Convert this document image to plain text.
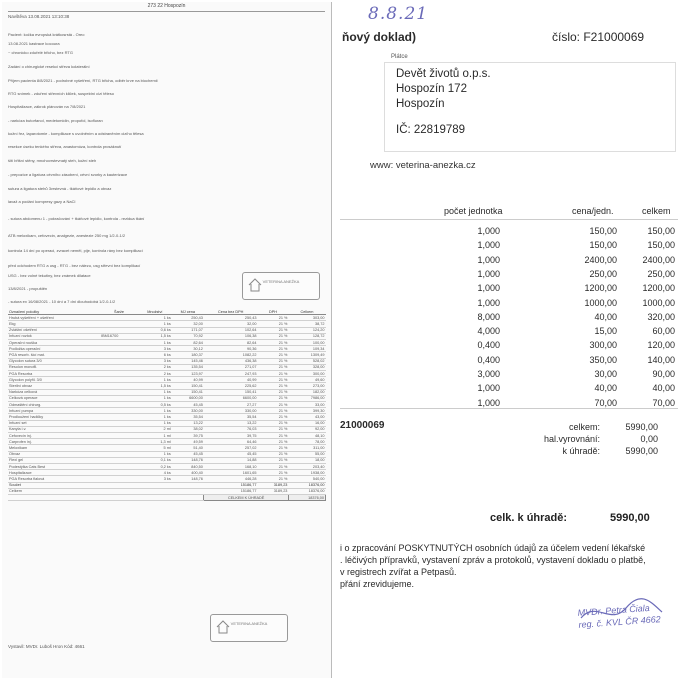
273 22 Hospozín
Navštěva 13.08.2021 13:10:38

Pacient: kočka evropská krátkosrstá - Oreo

13.08.2021 kastrace kocoura

~ chronicko zduřelé břicho, bez RTG

Zadání o chirurgické resekci střeva kolaterální

Příjem pacienta 8/8/2021 - podrobné vyšetření, RTG břicha, odběr krve na biochemii

RTG snímek - zduření střevních kliček, suspektní cizí těleso

Hospitalizace, zákrok plánován na 7/8/2021

- narkóza butorfanol, medetomidin, propofol, isofluran

kožní řez, laparotomie - komplikace s uvolněním a odstraněním cizího tělesa

resekce úseku tenkého střeva, anastomóza, kontrola prosáknutí

šití břišní stěny, mnohovrstevnatý steh, kožní steh

- prepozice a ligatura cévního zásobení, cévní svorky a kauterizace

sutura a ligatura stehů 3vrstevná - tkáňové lepidlo a obvaz

lavaž a podání kompresy gazy a NaCl

- sutura abdomenu 1 - pokračování + tkáňové lepidlo, kontrola - rezidua tkání

ATB meloxikam, cefovecin, analgezie, anestezie 250 mg 1/2-0-1/2

kontrola 14 dní po operaci, zvracet neměl, pije, kontrola rány bez komplikací

před odchodem RTG a usg - RTG - bez nálezu, usg střevní bez komplikací

USG - bez volné tekutiny, bez známek dilatace

13/8/2021 - propuštěn

- sutura ex 16/08/2021 - 10 dní a 7 dní dlouhodobá 1/2-0-1/2

VETERINA ANEŽKA
Označení položky	Šarže	Množství	MJ cena	Cena bez DPH	DPH	Celkem
Hrubá vyšetření + ošetření		1 ks	250,43	250,43	21 %	303,00
Ekg		1 ks	32,00	32,00	21 %	38,72
Zvláštní ošetření		0,6 ks	171,07	102,64	21 %	124,20
Infuzní roztok	IBM16700	1,5 ks	70,92	106,38	21 %	128,72
Operační rouška		1 ks	82,64	82,64	21 %	100,00
Podložka operační		3 ks	30,12	90,36	21 %	109,34
PGA resorb. šicí mat.		6 ks	180,37	1082,22	21 %	1309,49
Glycolon sutura 3/0		3 ks	145,46	436,38	21 %	528,02
Resolon monofil.		2 ks	135,54	271,07	21 %	328,00
PGA Resorba		2 ks	123,97	247,93	21 %	300,00
Glycolon polyfil. 3/0		1 ks	40,99	40,99	21 %	49,60
Sterilní obvaz		1,5 ks	150,41	225,62	21 %	273,00
Narkóza celková		1 ks	150,41	150,41	21 %	182,00
Celková operace		1 ks	6600,00	6600,00	21 %	7986,00
Odmaštění chirurg.		0,5 ks	45,45	27,27	21 %	33,00
Infuzní pumpa		1 ks	330,00	330,00	21 %	399,30
Prodloužení hadičky		1 ks	35,54	35,54	21 %	43,00
Infuzní set		1 ks	13,22	13,22	21 %	16,00
Kanyla i.v.		2 ml	38,02	76,03	21 %	92,00
Cefovecin inj.		1 ml	39,75	39,75	21 %	48,10
Carprofen inj.		1,3 ml	49,59	64,46	21 %	78,00
Meloxikam		5 ml	51,40	257,02	21 %	311,00
Obvaz		1 ks	45,45	45,45	21 %	55,00
Flexi gel		0,1 ks	148,76	14,88	21 %	18,00
Podestýlka Cats Best		0,2 ks	840,50	168,10	21 %	203,40
Hospitalizace		4 ks	400,40	1601,65	21 %	1938,00
PGA Resorba fialová		3 ks	148,76	446,28	21 %	540,00
Součet				15186,77	3189,23	18376,00
Celkem				15186,77	3189,23	18376,00
				CELKEM K ÚHRADĚ		18376,00
VETERINA ANEŽKA
Vystavil: MVDr. Luboš Hron Kód: 4661
8.8.21
ňový doklad)	číslo: F21000069
Plátce
Devět životů o.p.s.
Hospozín 172
Hospozín
IČ: 22819789
www: veterina-anezka.cz
počet jednotka	cena/jedn.	celkem
1,000	150,00	150,00
1,000	150,00	150,00
1,000	2400,00	2400,00
1,000	250,00	250,00
1,000	1200,00	1200,00
1,000	1000,00	1000,00
8,000	40,00	320,00
4,000	15,00	60,00
0,400	300,00	120,00
0,400	350,00	140,00
3,000	30,00	90,00
1,000	40,00	40,00
1,000	70,00	70,00
21000069	celkem:	5990,00
hal.vyrovnání:	0,00
k úhradě:	5990,00
celk. k úhradě:	5990,00

i o zpracování POSKYTNUTÝCH osobních údajů za účelem vedení lékařské

. léčivých přípravků, vystavení zpráv a protokolů, vystavení dokladu o platbě,

v registrech zvířat a Petpasů.

přání zrevidujeme.

MVDr. Petra Čiala
reg. č. KVL ČR 4662
